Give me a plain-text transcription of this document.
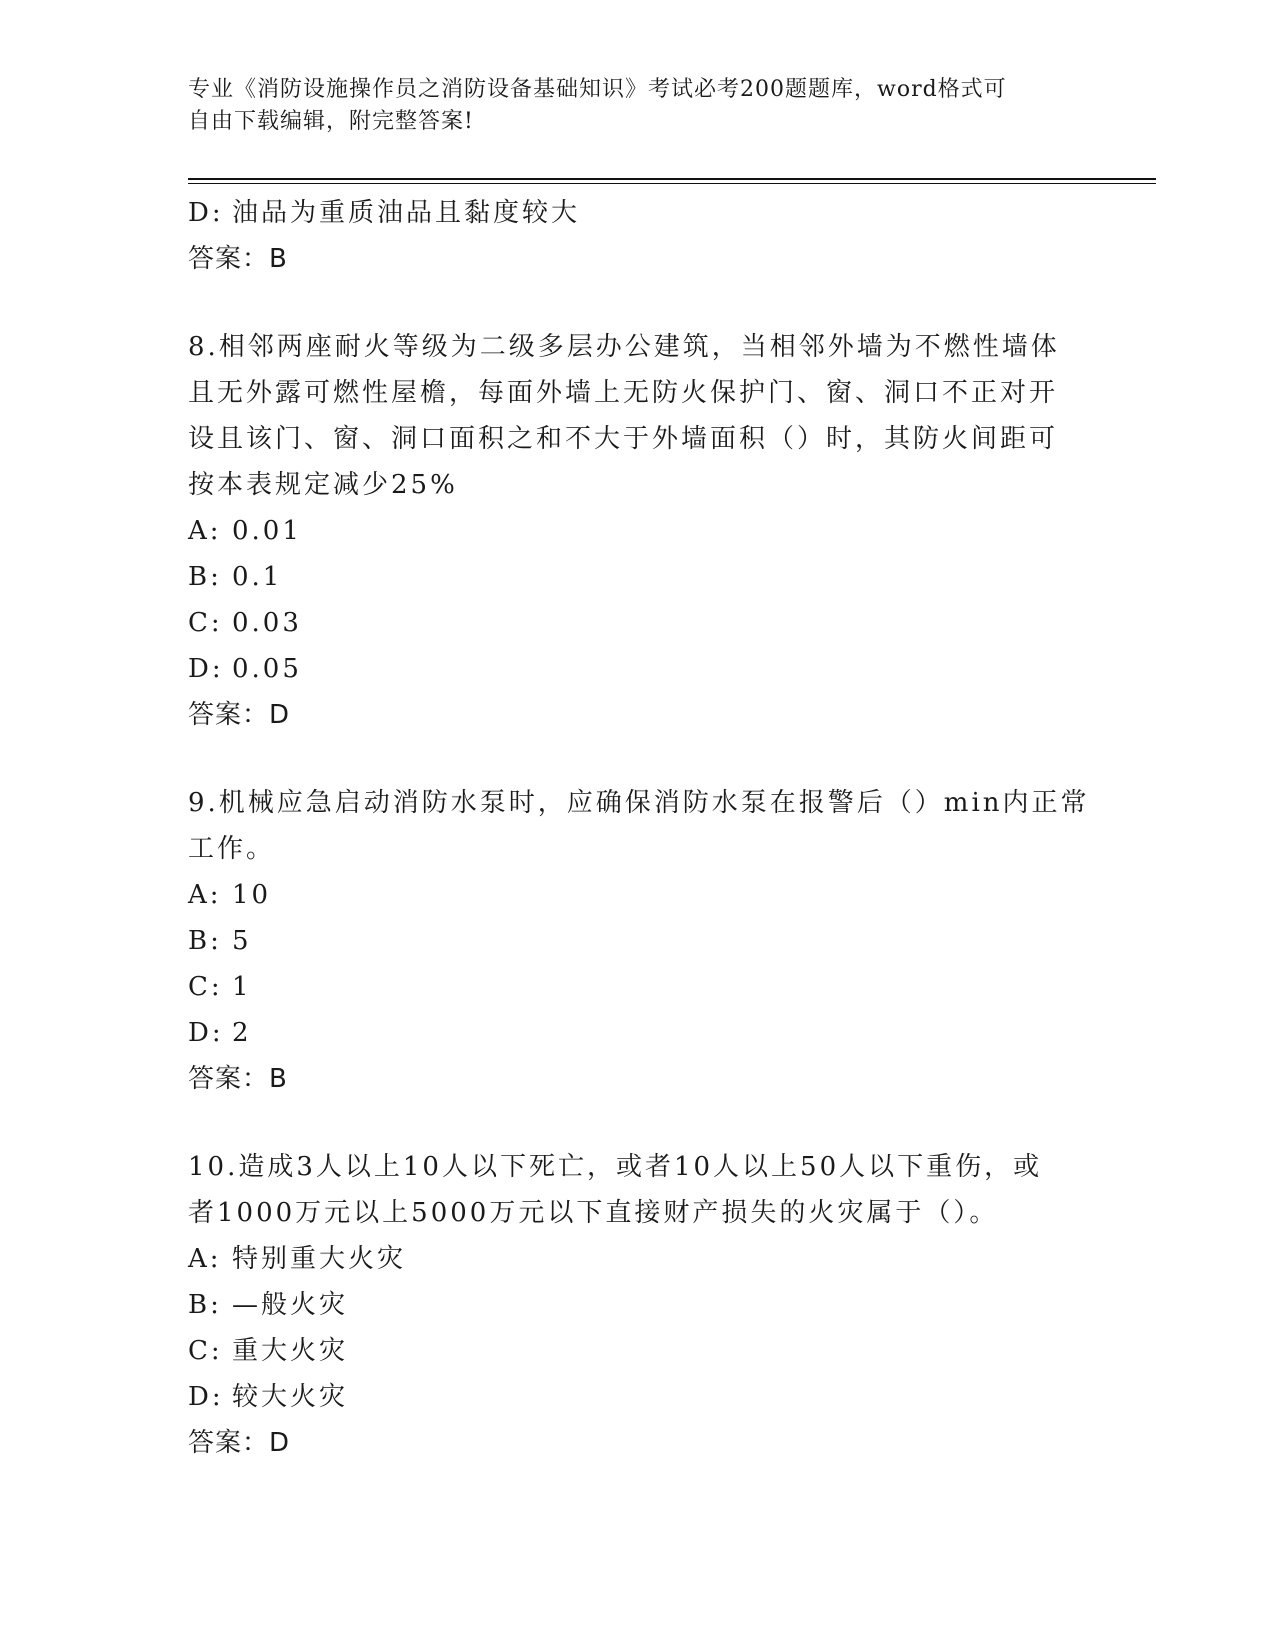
专业《消防设施操作员之消防设备基础知识》考试必考200题题库，word格式可
自由下载编辑，附完整答案!
D: 油品为重质油品且黏度较大
答案：B
8.相邻两座耐火等级为二级多层办公建筑，当相邻外墙为不燃性墙体
且无外露可燃性屋檐，每面外墙上无防火保护门、窗、洞口不正对开
设且该门、窗、洞口面积之和不大于外墙面积（）时，其防火间距可
按本表规定减少25%
A: 0.01
B: 0.1
C: 0.03
D: 0.05
答案：D
9.机械应急启动消防水泵时，应确保消防水泵在报警后（）min内正常
工作。
A: 10
B: 5
C: 1
D: 2
答案：B
10.造成3人以上10人以下死亡，或者10人以上50人以下重伤，或
者1000万元以上5000万元以下直接财产损失的火灾属于（）。
A: 特别重大火灾
B: —般火灾
C: 重大火灾
D: 较大火灾
答案：D
